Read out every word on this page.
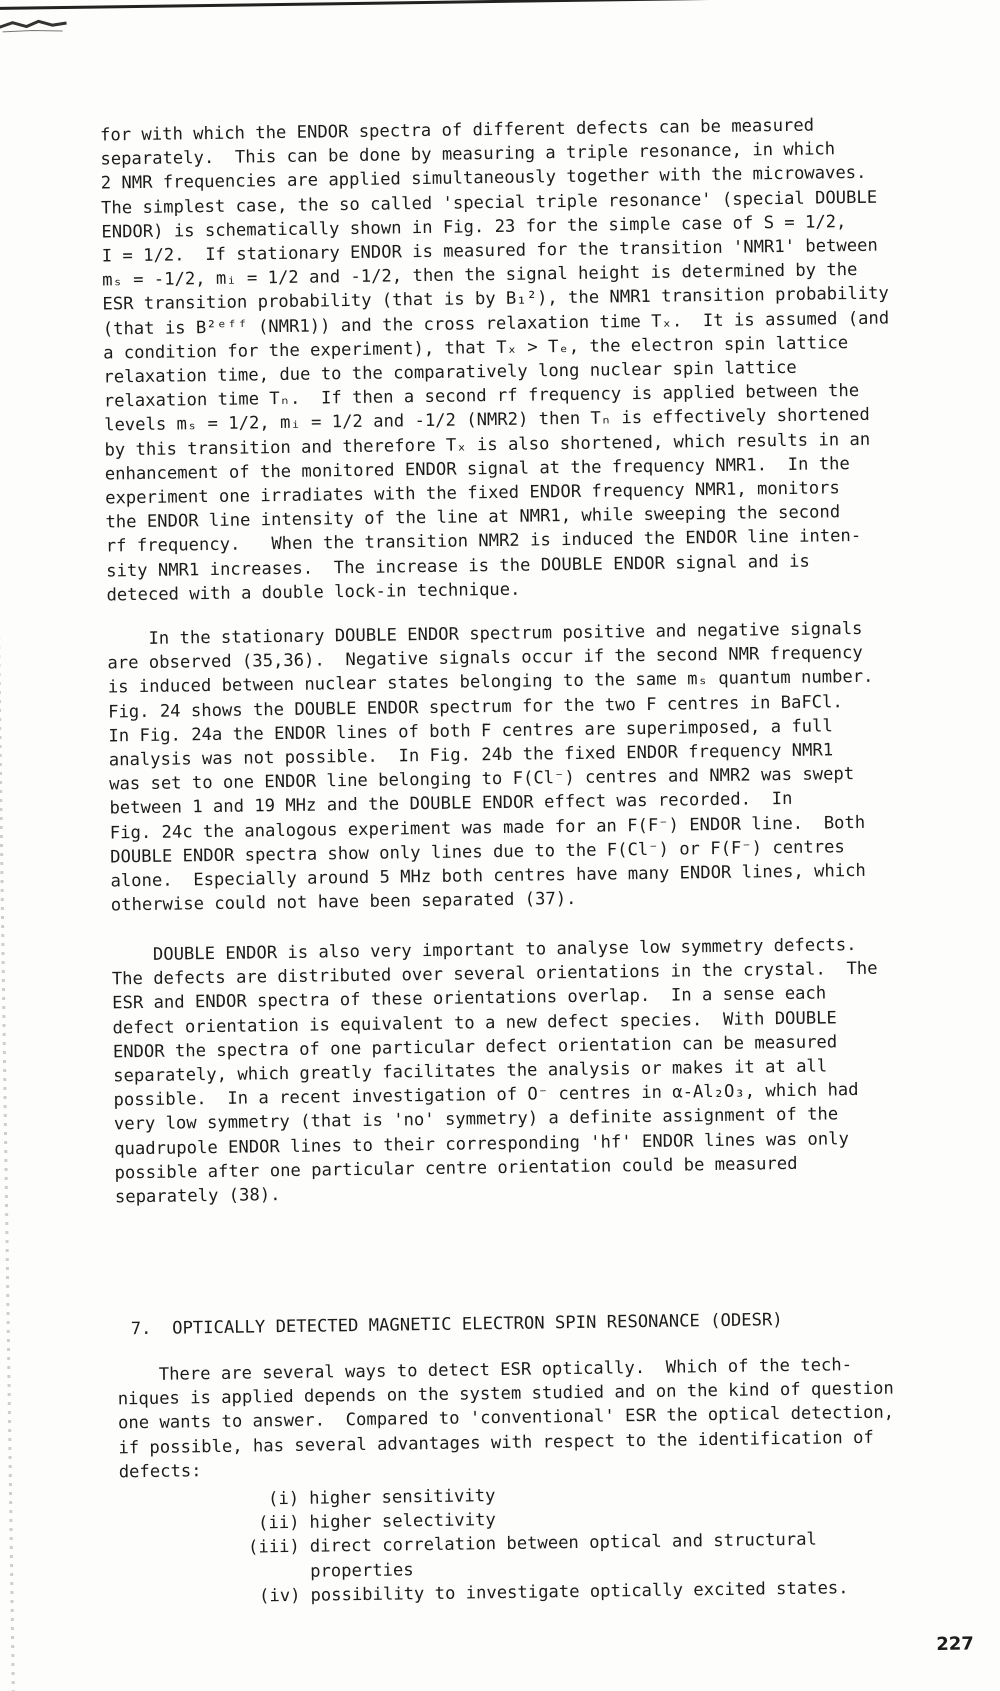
for with which the ENDOR spectra of different defects can be measured
separately.  This can be done by measuring a triple resonance, in which
2 NMR frequencies are applied simultaneously together with the microwaves.
The simplest case, the so called 'special triple resonance' (special DOUBLE
ENDOR) is schematically shown in Fig. 23 for the simple case of S = 1/2,
I = 1/2.  If stationary ENDOR is measured for the transition 'NMR1' between
mₛ = -1/2, mᵢ = 1/2 and -1/2, then the signal height is determined by the
ESR transition probability (that is by B₁²), the NMR1 transition probability
(that is B²ᵉᶠᶠ (NMR1)) and the cross relaxation time Tₓ.  It is assumed (and
a condition for the experiment), that Tₓ > Tₑ, the electron spin lattice
relaxation time, due to the comparatively long nuclear spin lattice
relaxation time Tₙ.  If then a second rf frequency is applied between the
levels mₛ = 1/2, mᵢ = 1/2 and -1/2 (NMR2) then Tₙ is effectively shortened
by this transition and therefore Tₓ is also shortened, which results in an
enhancement of the monitored ENDOR signal at the frequency NMR1.  In the
experiment one irradiates with the fixed ENDOR frequency NMR1, monitors
the ENDOR line intensity of the line at NMR1, while sweeping the second
rf frequency.   When the transition NMR2 is induced the ENDOR line inten-
sity NMR1 increases.  The increase is the DOUBLE ENDOR signal and is
deteced with a double lock-in technique.
In the stationary DOUBLE ENDOR spectrum positive and negative signals
are observed (35,36).  Negative signals occur if the second NMR frequency
is induced between nuclear states belonging to the same mₛ quantum number.
Fig. 24 shows the DOUBLE ENDOR spectrum for the two F centres in BaFCl.
In Fig. 24a the ENDOR lines of both F centres are superimposed, a full
analysis was not possible.  In Fig. 24b the fixed ENDOR frequency NMR1
was set to one ENDOR line belonging to F(Cl⁻) centres and NMR2 was swept
between 1 and 19 MHz and the DOUBLE ENDOR effect was recorded.  In
Fig. 24c the analogous experiment was made for an F(F⁻) ENDOR line.  Both
DOUBLE ENDOR spectra show only lines due to the F(Cl⁻) or F(F⁻) centres
alone.  Especially around 5 MHz both centres have many ENDOR lines, which
otherwise could not have been separated (37).
DOUBLE ENDOR is also very important to analyse low symmetry defects.
The defects are distributed over several orientations in the crystal.  The
ESR and ENDOR spectra of these orientations overlap.  In a sense each
defect orientation is equivalent to a new defect species.  With DOUBLE
ENDOR the spectra of one particular defect orientation can be measured
separately, which greatly facilitates the analysis or makes it at all
possible.  In a recent investigation of O⁻ centres in α-Al₂O₃, which had
very low symmetry (that is 'no' symmetry) a definite assignment of the
quadrupole ENDOR lines to their corresponding 'hf' ENDOR lines was only
possible after one particular centre orientation could be measured
separately (38).
7.  OPTICALLY DETECTED MAGNETIC ELECTRON SPIN RESONANCE (ODESR)
There are several ways to detect ESR optically.  Which of the tech-
niques is applied depends on the system studied and on the kind of question
one wants to answer.  Compared to 'conventional' ESR the optical detection,
if possible, has several advantages with respect to the identification of
defects:
(i) higher sensitivity
(ii) higher selectivity
(iii) direct correlation between optical and structural
properties
(iv) possibility to investigate optically excited states.
227
